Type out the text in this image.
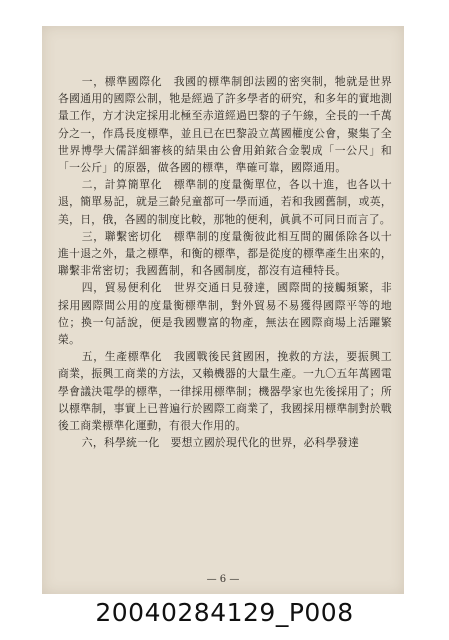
一，標準國際化　我國的標準制卽法國的密突制，牠就是世界各國通用的國際公制，牠是經過了許多學者的研究，和多年的實地測量工作，方才決定採用北極至赤道經過巴黎的子午線，全長的一千萬分之一，作爲長度標準，並且已在巴黎設立萬國權度公會，聚集了全世界博學大儒詳細審核的結果由公會用鉑銥合金製成「一公尺」和「一公斤」的原器，做各國的標準，準確可靠，國際通用。

二，計算簡單化　標準制的度量衡單位，各以十進，也各以十退，簡單易記，就是三齡兒童都可一學而通，若和我國舊制，或英，美，日，俄，各國的制度比較，那牠的便利，眞眞不可同日而言了。

三，聯繫密切化　標準制的度量衡彼此相互間的關係除各以十進十退之外，量之標準，和衡的標準，都是從度的標準產生出來的，聯繫非常密切；我國舊制，和各國制度，都沒有這種特長。

四，貿易便利化　世界交通日見發達，國際間的接觸頻繁，非採用國際間公用的度量衡標準制，對外貿易不易獲得國際平等的地位；換一句話說，便是我國豐富的物產，無法在國際商場上活躍繁榮。

五，生產標準化　我國戰後民貧國困，挽救的方法，要振興工商業，振興工商業的方法，又賴機器的大量生產。一九〇五年萬國電學會議決電學的標準，一律採用標準制；機器學家也先後採用了；所以標準制，事實上已普遍行於國際工商業了，我國採用標準制對於戰後工商業標準化運動，有很大作用的。

六，科學統一化　要想立國於現代化的世界，必科學發達

— 6 —
20040284129_P008
